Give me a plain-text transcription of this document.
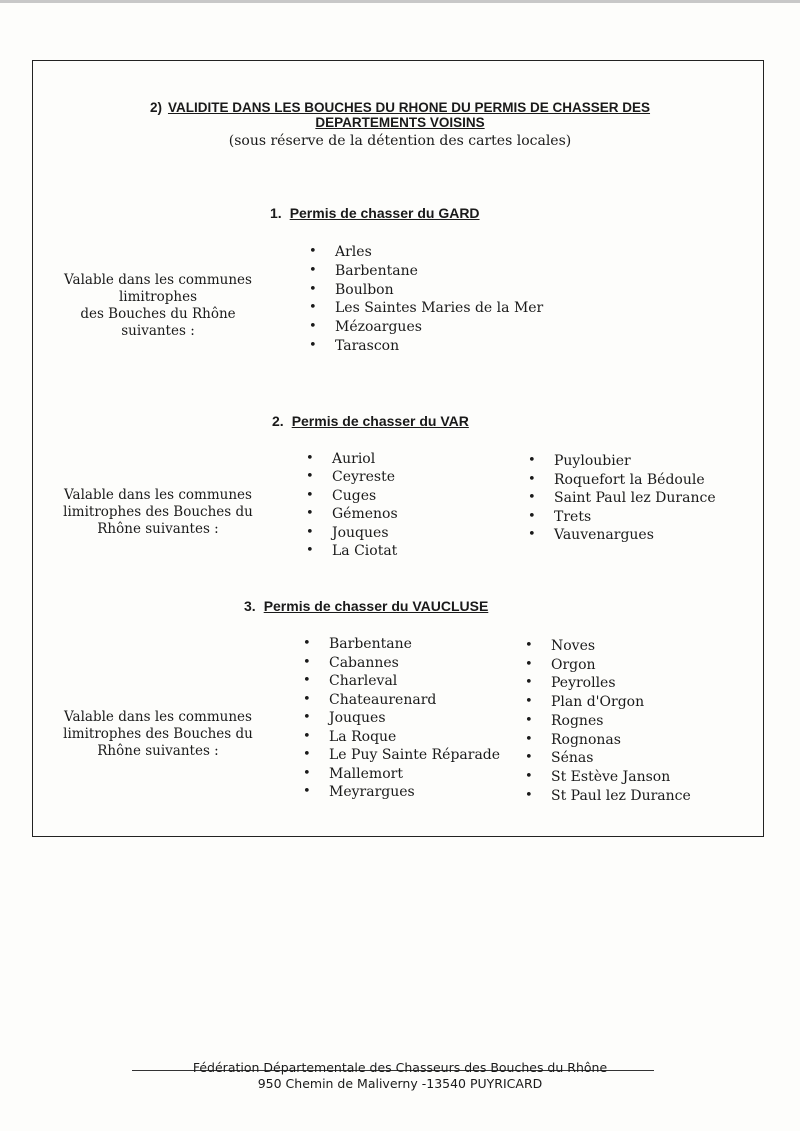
2) VALIDITE DANS LES BOUCHES DU RHONE DU PERMIS DE CHASSER DES
DEPARTEMENTS VOISINS
(sous réserve de la détention des cartes locales)
1. Permis de chasser du GARD
Valable dans les communes
limitrophes
des Bouches du Rhône
suivantes :
• Arles
• Barbentane
• Boulbon
• Les Saintes Maries de la Mer
• Mézoargues
• Tarascon
2. Permis de chasser du VAR
Valable dans les communes
limitrophes des Bouches du
Rhône suivantes :
• Auriol
• Ceyreste
• Cuges
• Gémenos
• Jouques
• La Ciotat
• Puyloubier
• Roquefort la Bédoule
• Saint Paul lez Durance
• Trets
• Vauvenargues
3. Permis de chasser du VAUCLUSE
Valable dans les communes
limitrophes des Bouches du
Rhône suivantes :
• Barbentane
• Cabannes
• Charleval
• Chateaurenard
• Jouques
• La Roque
• Le Puy Sainte Réparade
• Mallemort
• Meyrargues
• Noves
• Orgon
• Peyrolles
• Plan d'Orgon
• Rognes
• Rognonas
• Sénas
• St Estève Janson
• St Paul lez Durance
Fédération Départementale des Chasseurs des Bouches du Rhône
950 Chemin de Maliverny -13540 PUYRICARD
